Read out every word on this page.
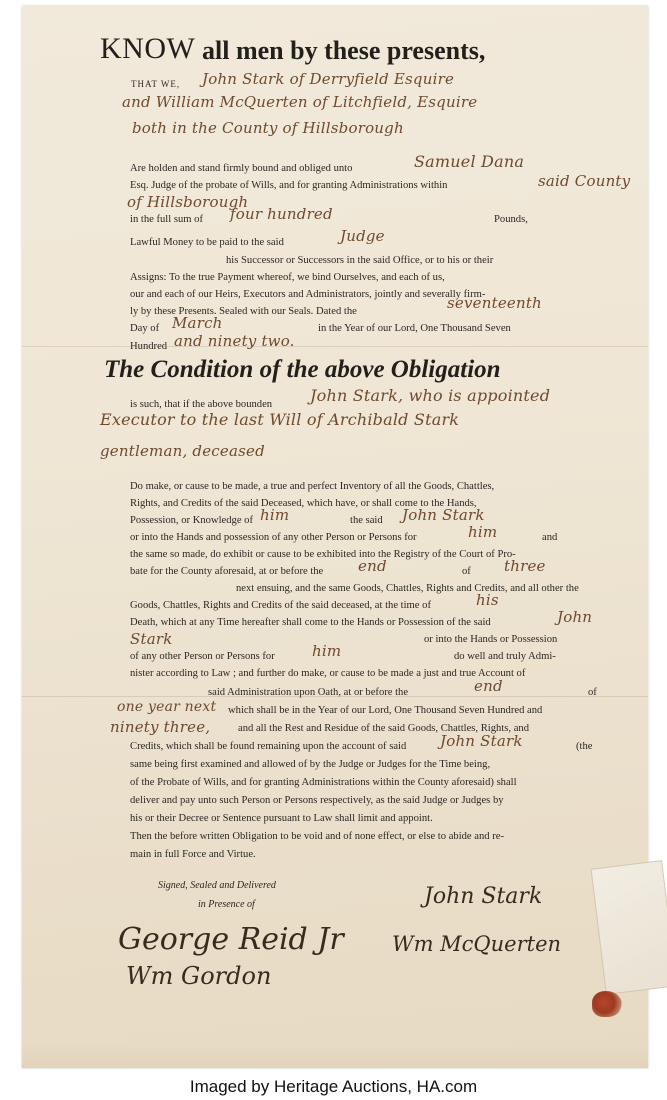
KNOW all men by these presents,
THAT WE, John Stark of Derryfield Esquire
and William McQuerten of Litchfield, Esquire
both in the County of Hillsborough
Are holden and stand firmly bound and obliged unto	Samuel Dana
Esq. Judge of the probate of Wills, and for granting Administrations within	said County
of Hillsborough
in the full sum of four hundred	Pounds,
Lawful Money to be paid to the said	Judge
his Successor or Successors in the said Office, or to his or their
Assigns: To the true Payment whereof, we bind Ourselves, and each of us,
our and each of our Heirs, Executors and Administrators, jointly and severally firm-
ly by these Presents. Sealed with our Seals. Dated the	seventeenth
Day of March	in the Year of our Lord, One Thousand Seven
Hundred and ninety two.
The Condition of the above Obligation
is such, that if the above bounden John Stark, who is appointed
Executor to the last Will of Archibald Stark
gentleman, deceased
Do make, or cause to be made, a true and perfect Inventory of all the Goods, Chattles,
Rights, and Credits of the said Deceased, which have, or shall come to the Hands,
Possession, or Knowledge of him	the said John Stark
or into the Hands and possession of any other Person or Persons for	him	and
the same so made, do exhibit or cause to be exhibited into the Registry of the Court of Pro-
bate for the County aforesaid, at or before the end	of three
next ensuing, and the same Goods, Chattles, Rights and Credits, and all other the
Goods, Chattles, Rights and Credits of the said deceased, at the time of	his
Death, which at any Time hereafter shall come to the Hands or Possession of the said	John
Stark	or into the Hands or Possession
of any other Person or Persons for him	do well and truly Admi-
nister according to Law ; and further do make, or cause to be made a just and true Account of
said Administration upon Oath, at or before the	end	of
one year next which shall be in the Year of our Lord, One Thousand Seven Hundred and
ninety three,	and all the Rest and Residue of the said Goods, Chattles, Rights, and
Credits, which shall be found remaining upon the account of said John Stark	(the
same being first examined and allowed of by the Judge or Judges for the Time being,
of the Probate of Wills, and for granting Administrations within the County aforesaid) shall
deliver and pay unto such Person or Persons respectively, as the said Judge or Judges by
his or their Decree or Sentence pursuant to Law shall limit and appoint.
Then the before written Obligation to be void and of none effect, or else to abide and re-
main in full Force and Virtue.
Signed, Sealed and Delivered
in Presence of
George Reid Jr
Wm Gordon
John Stark
Wm McQuerten
Imaged by Heritage Auctions, HA.com
